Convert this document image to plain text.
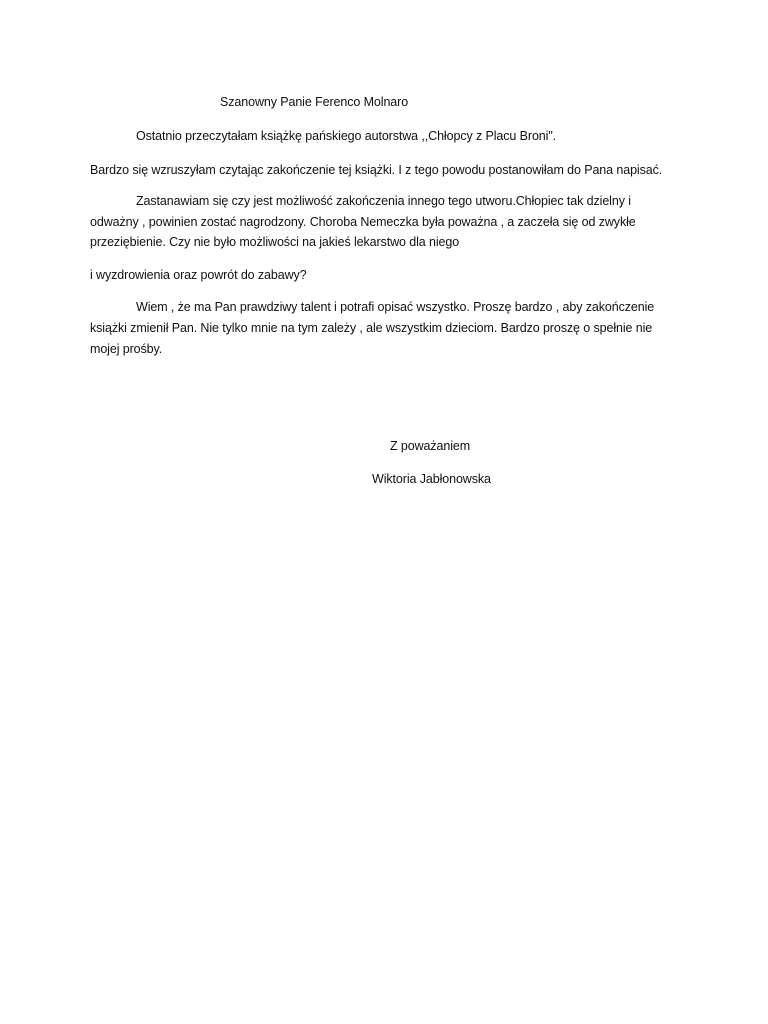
Szanowny Panie Ferenco Molnaro
Ostatnio przeczytałam książkę pańskiego autorstwa ,,Chłopcy z Placu Broni".
Bardzo się wzruszyłam czytając zakończenie tej książki. I z tego powodu postanowiłam do Pana napisać.
Zastanawiam się czy jest możliwość zakończenia innego tego utworu.Chłopiec tak dzielny i
odważny , powinien zostać nagrodzony. Choroba Nemeczka była poważna , a zaczeła się od zwykłe
przeziębienie. Czy nie było możliwości na jakieś lekarstwo dla niego
i wyzdrowienia oraz powrót do zabawy?
Wiem , że ma Pan prawdziwy talent i potrafi opisać wszystko. Proszę bardzo , aby zakończenie
książki zmienił Pan. Nie tylko mnie na tym zależy , ale wszystkim dzieciom. Bardzo proszę o spełnie nie
mojej prośby.
Z poważaniem
Wiktoria Jabłonowska
